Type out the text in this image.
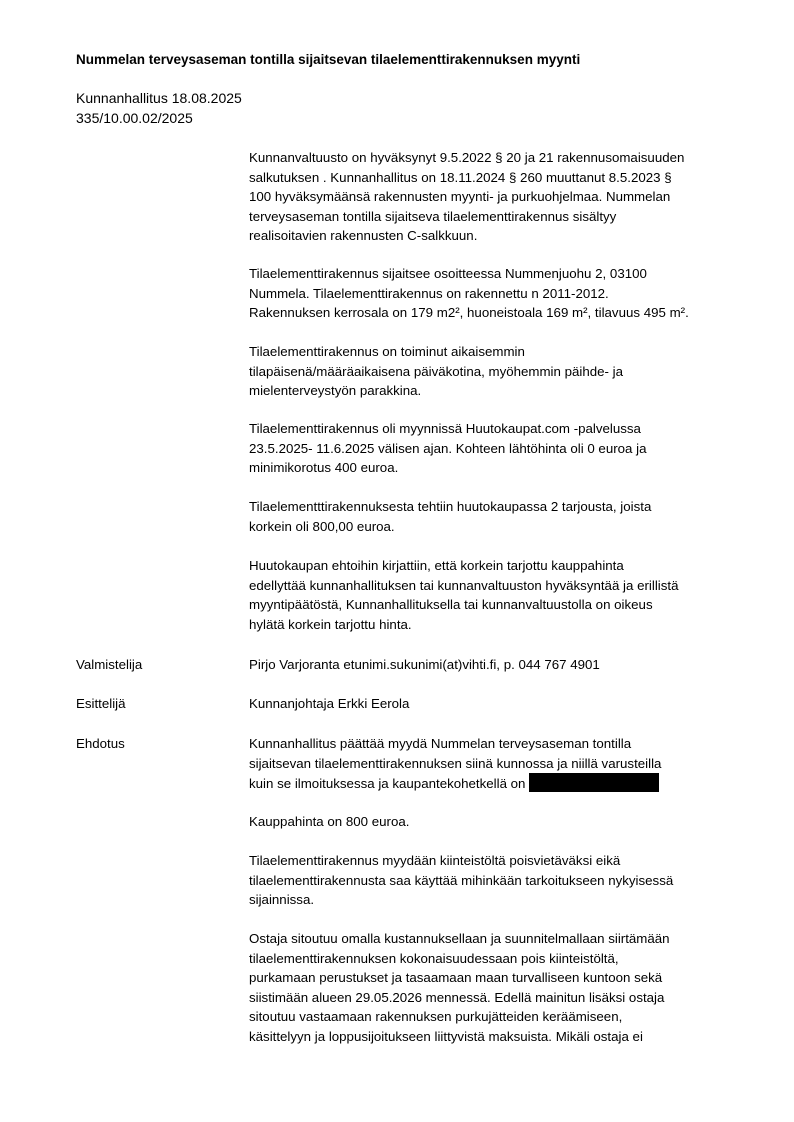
Nummelan terveysaseman tontilla sijaitsevan tilaelementtirakennuksen myynti
Kunnanhallitus 18.08.2025
335/10.00.02/2025
Kunnanvaltuusto on hyväksynyt 9.5.2022 § 20 ja 21 rakennusomaisuuden
salkutuksen . Kunnanhallitus on 18.11.2024 § 260 muuttanut 8.5.2023 §
100 hyväksymäänsä rakennusten myynti- ja purkuohjelmaa. Nummelan
terveysaseman tontilla sijaitseva tilaelementtirakennus sisältyy
realisoitavien rakennusten C-salkkuun.
Tilaelementtirakennus sijaitsee osoitteessa Nummenjuohu 2, 03100
Nummela. Tilaelementtirakennus on rakennettu n 2011-2012.
Rakennuksen kerrosala on 179 m2², huoneistoala 169 m², tilavuus 495 m².
Tilaelementtirakennus on toiminut aikaisemmin
tilapäisenä/määräaikaisena päiväkotina, myöhemmin päihde- ja
mielenterveystyön parakkina.
Tilaelementtirakennus oli myynnissä Huutokaupat.com -palvelussa
23.5.2025- 11.6.2025 välisen ajan. Kohteen lähtöhinta oli 0 euroa ja
minimikorotus 400 euroa.
Tilaelementttirakennuksesta tehtiin huutokaupassa 2 tarjousta, joista
korkein oli 800,00 euroa.
Huutokaupan ehtoihin kirjattiin, että korkein tarjottu kauppahinta
edellyttää kunnanhallituksen tai kunnanvaltuuston hyväksyntää ja erillistä
myyntipäätöstä, Kunnanhallituksella tai kunnanvaltuustolla on oikeus
hylätä korkein tarjottu hinta.
Valmistelija	Pirjo Varjoranta etunimi.sukunimi(at)vihti.fi, p. 044 767 4901
Esittelijä	Kunnanjohtaja Erkki Eerola
Ehdotus	Kunnanhallitus päättää myydä Nummelan terveysaseman tontilla
sijaitsevan tilaelementtirakennuksen siinä kunnossa ja niillä varusteilla
kuin se ilmoituksessa ja kaupantekohetkellä on
Kauppahinta on 800 euroa.
Tilaelementtirakennus myydään kiinteistöltä poisvietäväksi eikä
tilaelementtirakennusta saa käyttää mihinkään tarkoitukseen nykyisessä
sijainnissa.
Ostaja sitoutuu omalla kustannuksellaan ja suunnitelmallaan siirtämään
tilaelementtirakennuksen kokonaisuudessaan pois kiinteistöltä,
purkamaan perustukset ja tasaamaan maan turvalliseen kuntoon sekä
siistimään alueen 29.05.2026 mennessä. Edellä mainitun lisäksi ostaja
sitoutuu vastaamaan rakennuksen purkujätteiden keräämiseen,
käsittelyyn ja loppusijoitukseen liittyvistä maksuista. Mikäli ostaja ei
